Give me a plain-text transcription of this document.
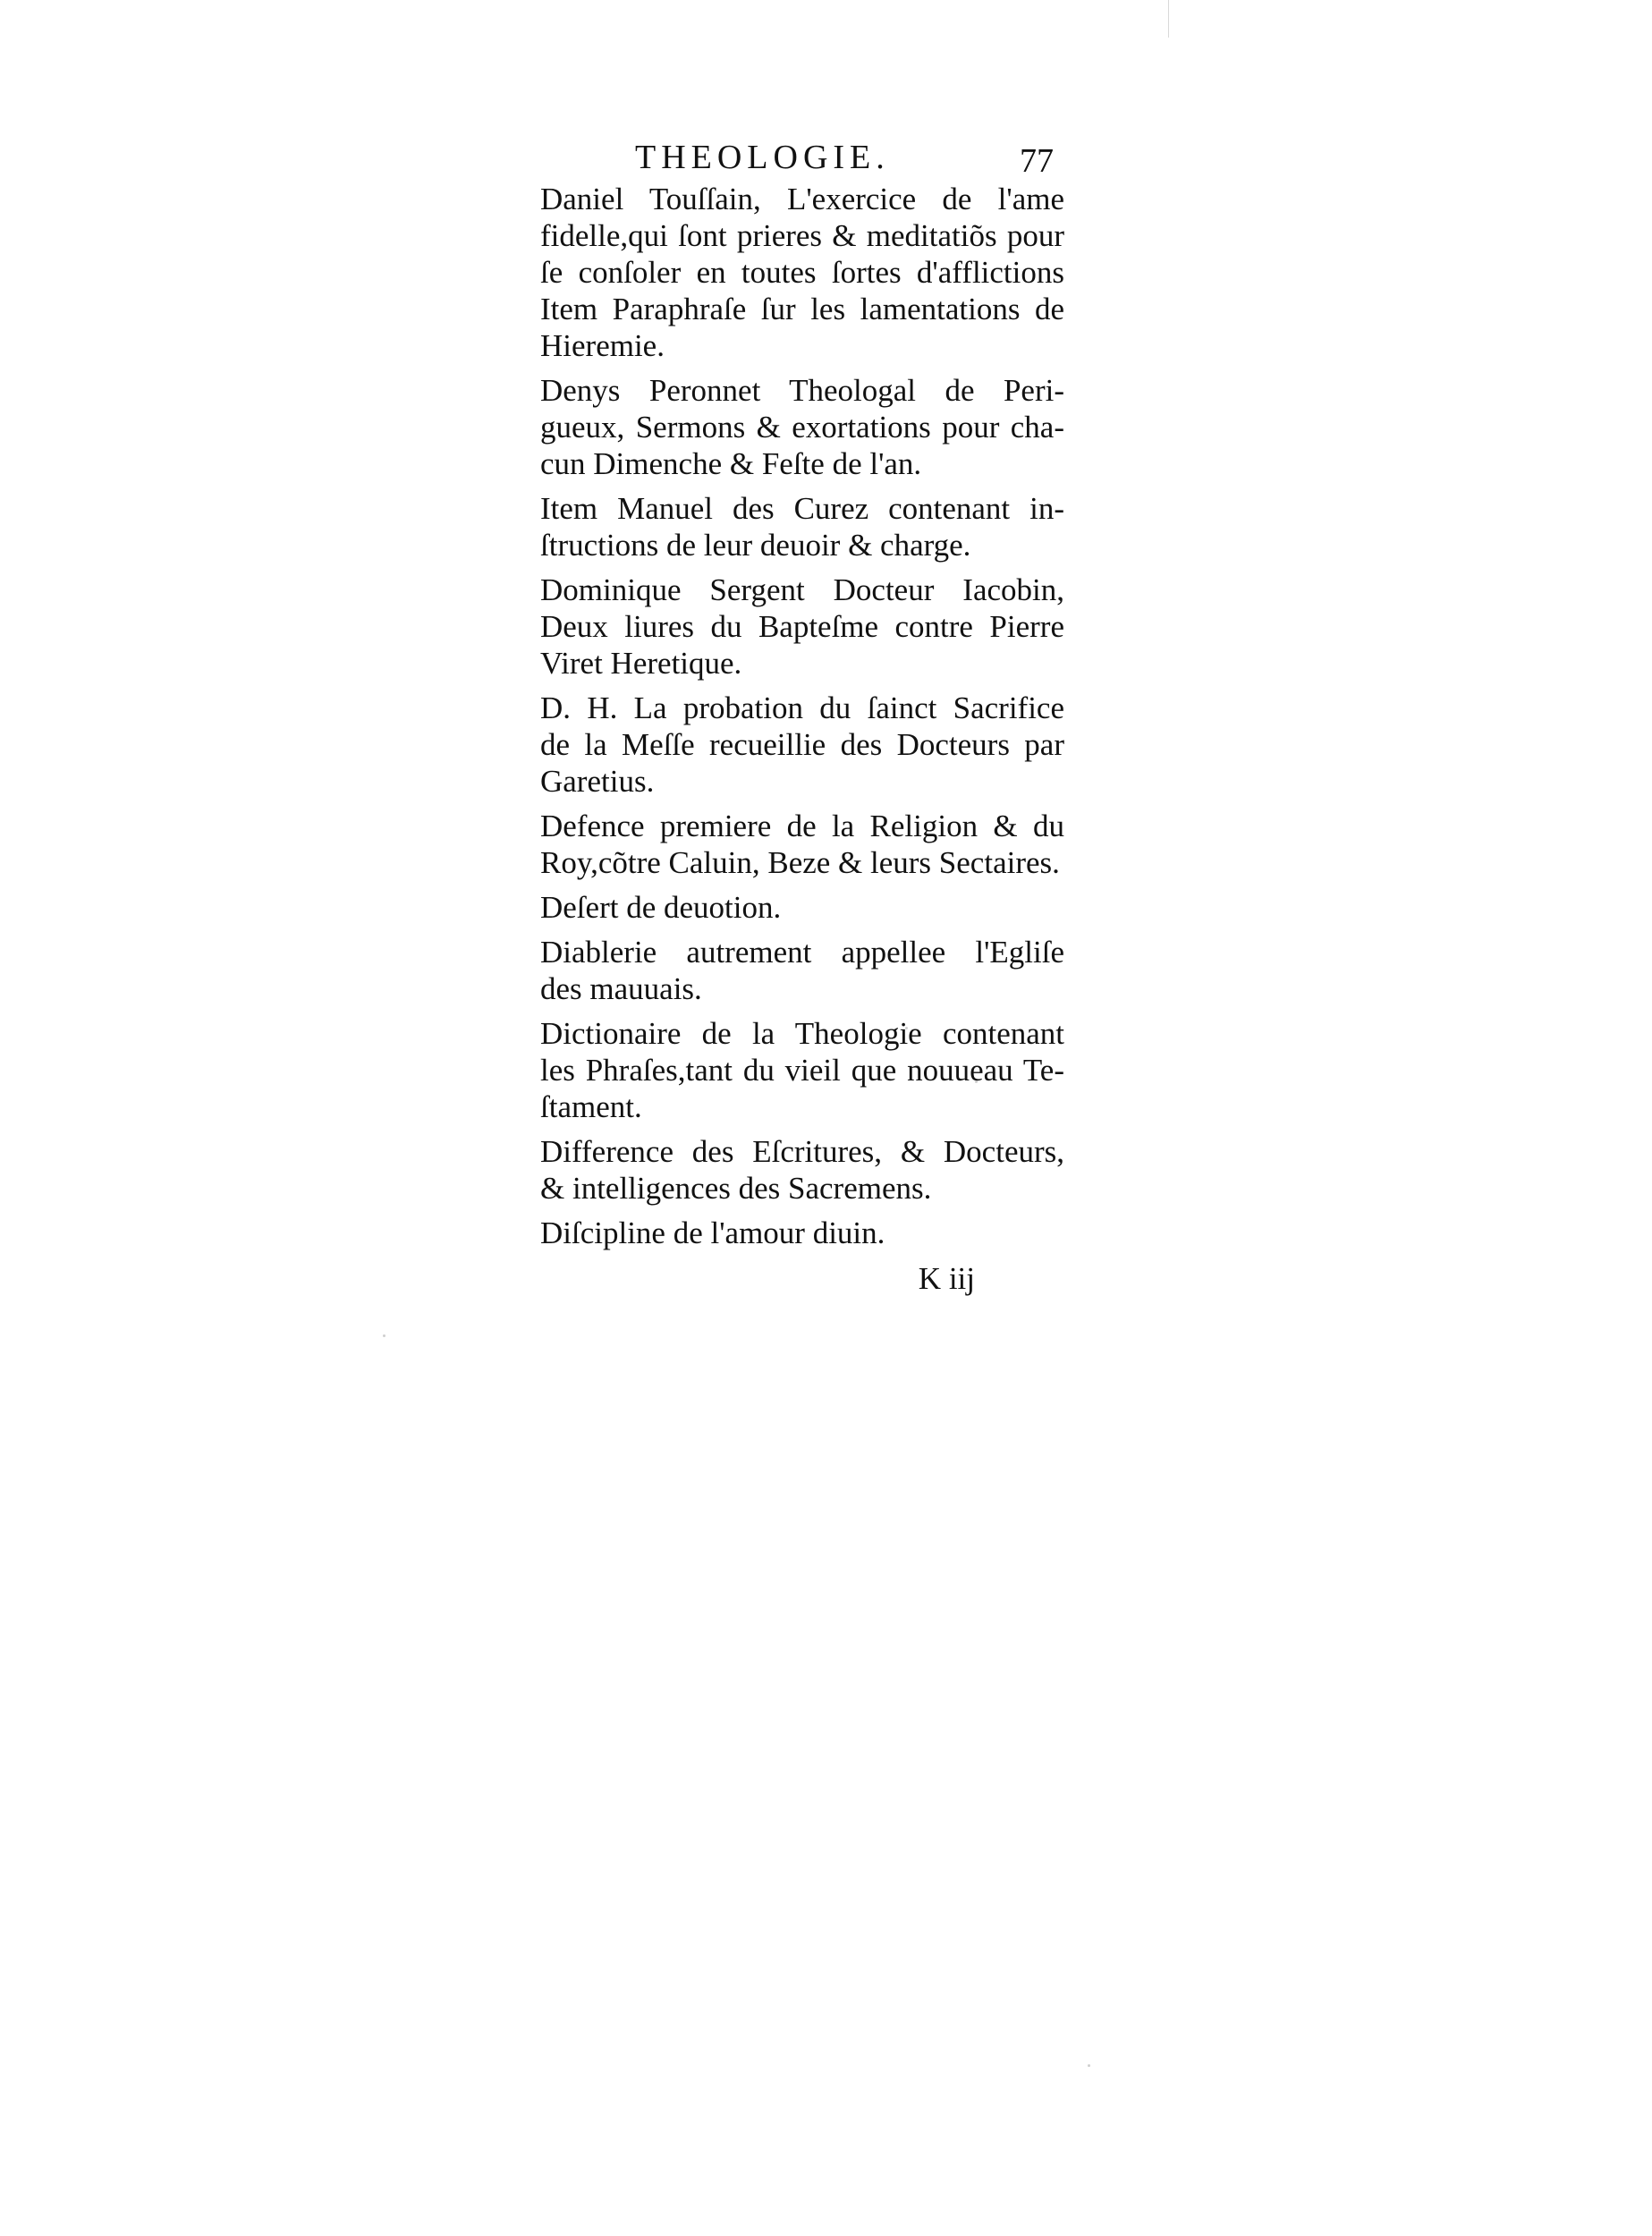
THEOLOGIE.	77

Daniel Touſſain, L'exercice de l'ame
fidelle,qui ſont prieres & meditatiõs pour
ſe conſoler en toutes ſortes d'afflictions
Item Paraphraſe ſur les lamentations de
Hieremie.

Denys Peronnet Theologal de Peri-
gueux, Sermons & exortations pour cha-
cun Dimenche & Feſte de l'an.

Item Manuel des Curez contenant in-
ſtructions de leur deuoir & charge.

Dominique Sergent Docteur Iacobin,
Deux liures du Bapteſme contre Pierre
Viret Heretique.

D. H. La probation du ſainct Sacrifice
de la Meſſe recueillie des Docteurs par
Garetius.

Defence premiere de la Religion & du
Roy,cõtre Caluin, Beze & leurs Sectaires.

Deſert de deuotion.

Diablerie autrement appellee l'Egliſe
des mauuais.

Dictionaire de la Theologie contenant
les Phraſes,tant du vieil que nouueau Te-
ſtament.

Difference des Eſcritures, & Docteurs,
& intelligences des Sacremens.

Diſcipline de l'amour diuin.

K iij
